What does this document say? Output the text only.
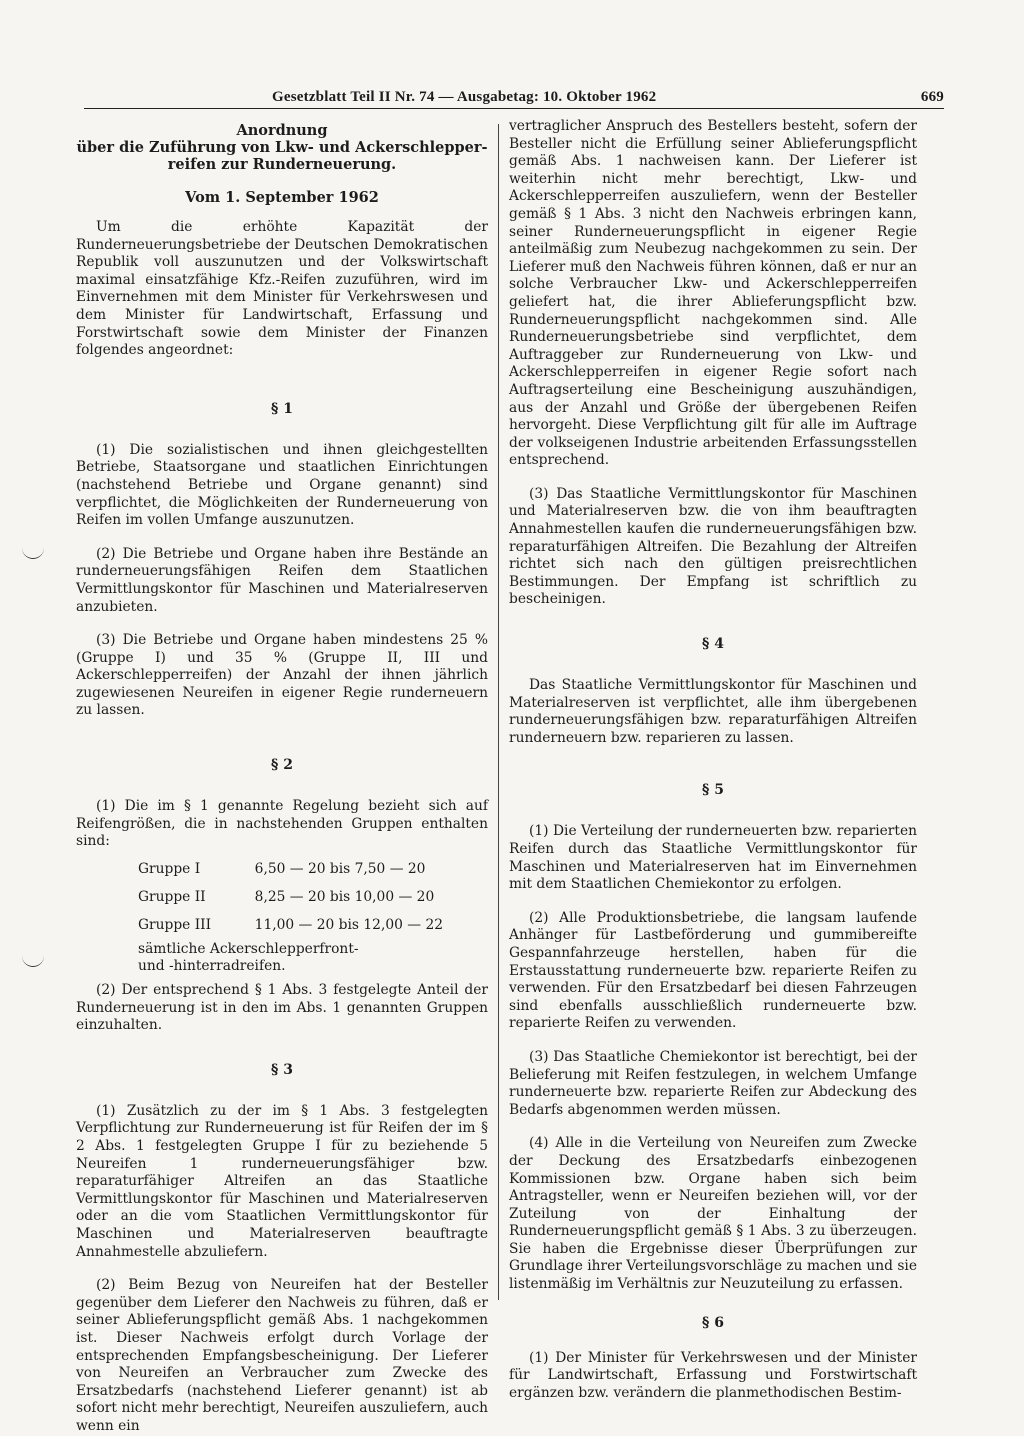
Gesetzblatt Teil II Nr. 74 — Ausgabetag: 10. Oktober 1962	669
Anordnung
über die Zuführung von Lkw- und Ackerschlepper-
reifen zur Runderneuerung.
Vom 1. September 1962

Um die erhöhte Kapazität der Runderneuerungsbetriebe der Deutschen Demokratischen Republik voll auszunutzen und der Volkswirtschaft maximal einsatzfähige Kfz.-Reifen zuzuführen, wird im Einvernehmen mit dem Minister für Verkehrswesen und dem Minister für Landwirtschaft, Erfassung und Forstwirtschaft sowie dem Minister der Finanzen folgendes angeordnet:

§ 1

(1) Die sozialistischen und ihnen gleichgestellten Betriebe, Staatsorgane und staatlichen Einrichtungen (nachstehend Betriebe und Organe genannt) sind verpflichtet, die Möglichkeiten der Runderneuerung von Reifen im vollen Umfange auszunutzen.

(2) Die Betriebe und Organe haben ihre Bestände an runderneuerungsfähigen Reifen dem Staatlichen Vermittlungskontor für Maschinen und Materialreserven anzubieten.

(3) Die Betriebe und Organe haben mindestens 25 % (Gruppe I) und 35 % (Gruppe II, III und Ackerschlepperreifen) der Anzahl der ihnen jährlich zugewiesenen Neureifen in eigener Regie runderneuern zu lassen.

§ 2

(1) Die im § 1 genannte Regelung bezieht sich auf Reifengrößen, die in nachstehenden Gruppen enthalten sind:

Gruppe I	6,50 — 20 bis 7,50 — 20
Gruppe II	8,25 — 20 bis 10,00 — 20
Gruppe III	11,00 — 20 bis 12,00 — 22
sämtliche Ackerschlepperfront- und -hinterradreifen.

(2) Der entsprechend § 1 Abs. 3 festgelegte Anteil der Runderneuerung ist in den im Abs. 1 genannten Gruppen einzuhalten.

§ 3

(1) Zusätzlich zu der im § 1 Abs. 3 festgelegten Verpflichtung zur Runderneuerung ist für Reifen der im § 2 Abs. 1 festgelegten Gruppe I für zu beziehende 5 Neureifen 1 runderneuerungsfähiger bzw. reparaturfähiger Altreifen an das Staatliche Vermittlungskontor für Maschinen und Materialreserven oder an die vom Staatlichen Vermittlungskontor für Maschinen und Materialreserven beauftragte Annahmestelle abzuliefern.

(2) Beim Bezug von Neureifen hat der Besteller gegenüber dem Lieferer den Nachweis zu führen, daß er seiner Ablieferungspflicht gemäß Abs. 1 nachgekommen ist. Dieser Nachweis erfolgt durch Vorlage der entsprechenden Empfangsbescheinigung. Der Lieferer von Neureifen an Verbraucher zum Zwecke des Ersatzbedarfs (nachstehend Lieferer genannt) ist ab sofort nicht mehr berechtigt, Neureifen auszuliefern, auch wenn ein

vertraglicher Anspruch des Bestellers besteht, sofern der Besteller nicht die Erfüllung seiner Ablieferungspflicht gemäß Abs. 1 nachweisen kann. Der Lieferer ist weiterhin nicht mehr berechtigt, Lkw- und Ackerschlepperreifen auszuliefern, wenn der Besteller gemäß § 1 Abs. 3 nicht den Nachweis erbringen kann, seiner Runderneuerungspflicht in eigener Regie anteilmäßig zum Neubezug nachgekommen zu sein. Der Lieferer muß den Nachweis führen können, daß er nur an solche Verbraucher Lkw- und Ackerschlepperreifen geliefert hat, die ihrer Ablieferungspflicht bzw. Runderneuerungspflicht nachgekommen sind. Alle Runderneuerungsbetriebe sind verpflichtet, dem Auftraggeber zur Runderneuerung von Lkw- und Ackerschlepperreifen in eigener Regie sofort nach Auftragserteilung eine Bescheinigung auszuhändigen, aus der Anzahl und Größe der übergebenen Reifen hervorgeht. Diese Verpflichtung gilt für alle im Auftrage der volkseigenen Industrie arbeitenden Erfassungsstellen entsprechend.

(3) Das Staatliche Vermittlungskontor für Maschinen und Materialreserven bzw. die von ihm beauftragten Annahmestellen kaufen die runderneuerungsfähigen bzw. reparaturfähigen Altreifen. Die Bezahlung der Altreifen richtet sich nach den gültigen preisrechtlichen Bestimmungen. Der Empfang ist schriftlich zu bescheinigen.

§ 4

Das Staatliche Vermittlungskontor für Maschinen und Materialreserven ist verpflichtet, alle ihm übergebenen runderneuerungsfähigen bzw. reparaturfähigen Altreifen runderneuern bzw. reparieren zu lassen.

§ 5

(1) Die Verteilung der runderneuerten bzw. reparierten Reifen durch das Staatliche Vermittlungskontor für Maschinen und Materialreserven hat im Einvernehmen mit dem Staatlichen Chemiekontor zu erfolgen.

(2) Alle Produktionsbetriebe, die langsam laufende Anhänger für Lastbeförderung und gummibereifte Gespannfahrzeuge herstellen, haben für die Erstausstattung runderneuerte bzw. reparierte Reifen zu verwenden. Für den Ersatzbedarf bei diesen Fahrzeugen sind ebenfalls ausschließlich runderneuerte bzw. reparierte Reifen zu verwenden.

(3) Das Staatliche Chemiekontor ist berechtigt, bei der Belieferung mit Reifen festzulegen, in welchem Umfange runderneuerte bzw. reparierte Reifen zur Abdeckung des Bedarfs abgenommen werden müssen.

(4) Alle in die Verteilung von Neureifen zum Zwecke der Deckung des Ersatzbedarfs einbezogenen Kommissionen bzw. Organe haben sich beim Antragsteller, wenn er Neureifen beziehen will, vor der Zuteilung von der Einhaltung der Runderneuerungspflicht gemäß § 1 Abs. 3 zu überzeugen. Sie haben die Ergebnisse dieser Überprüfungen zur Grundlage ihrer Verteilungsvorschläge zu machen und sie listenmäßig im Verhältnis zur Neuzuteilung zu erfassen.

§ 6

(1) Der Minister für Verkehrswesen und der Minister für Landwirtschaft, Erfassung und Forstwirtschaft ergänzen bzw. verändern die planmethodischen Bestim-
